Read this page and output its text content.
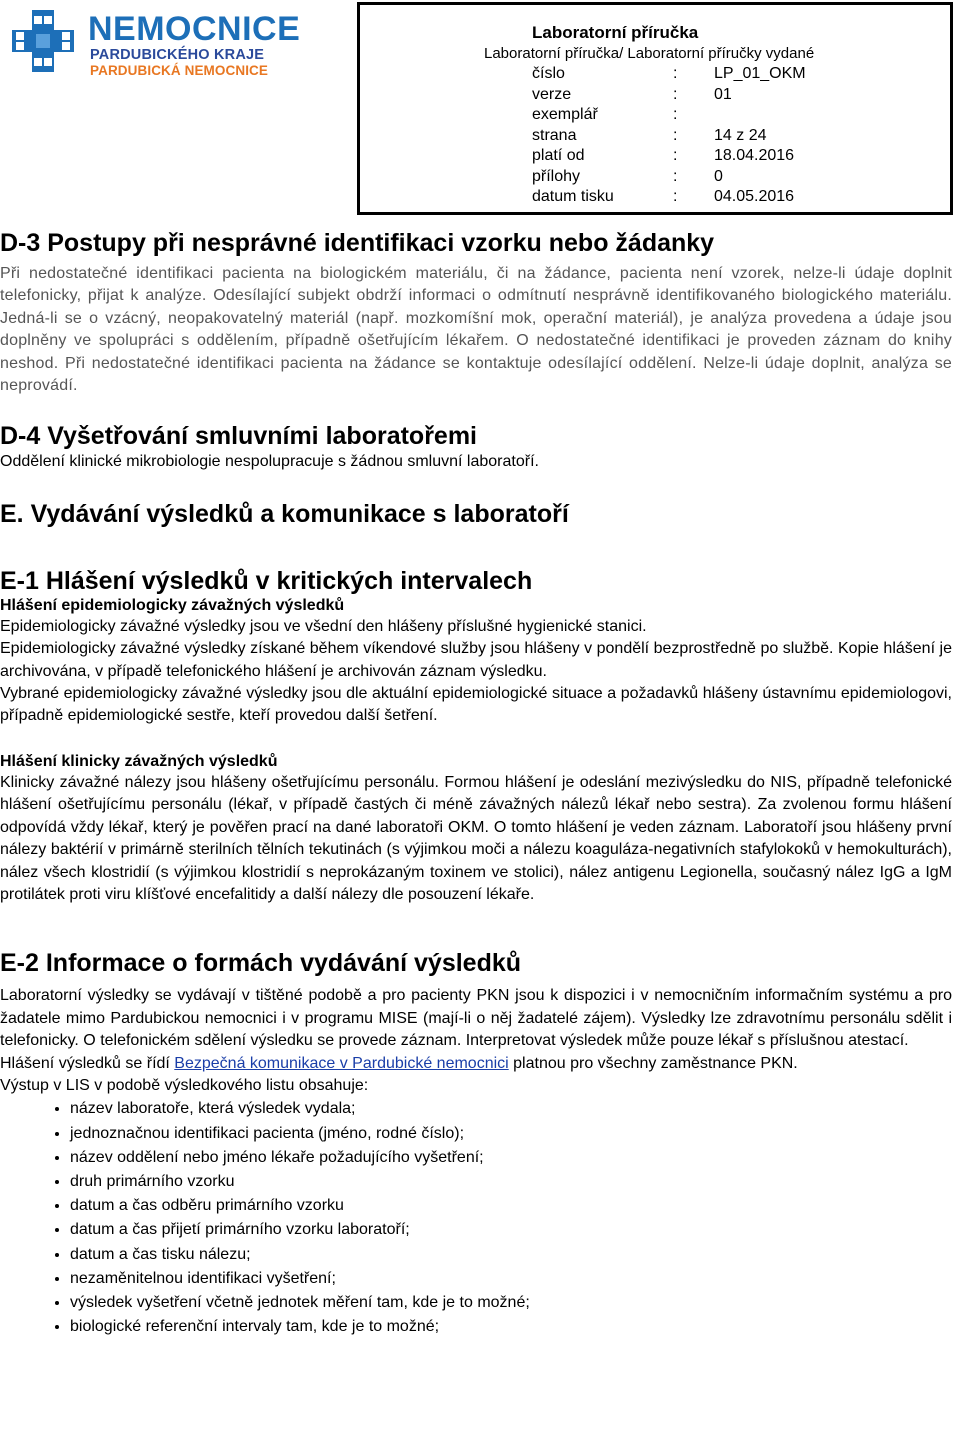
NEMOCNICE
PARDUBICKÉHO KRAJE
PARDUBICKÁ NEMOCNICE
Laboratorní příručka
Laboratorní příručka/ Laboratorní příručky vydané
číslo	: LP_01_OKM
verze	: 01
exemplář	:
strana	: 14 z 24
platí od	: 18.04.2016
přílohy	: 0
datum tisku	: 04.05.2016
D-3 Postupy při nesprávné identifikaci vzorku nebo žádanky

Při nedostatečné identifikaci pacienta na biologickém materiálu, či na žádance, pacienta není vzorek, nelze-li údaje doplnit telefonicky, přijat k analýze. Odesílající subjekt obdrží informaci o odmítnutí nesprávně identifikovaného biologického materiálu. Jedná-li se o vzácný, neopakovatelný materiál (např. mozkomíšní mok, operační materiál), je analýza provedena a údaje jsou doplněny ve spolupráci s oddělením, případně ošetřujícím lékařem. O nedostatečné identifikaci je proveden záznam do knihy neshod. Při nedostatečné identifikaci pacienta na žádance se kontaktuje odesílající oddělení. Nelze-li údaje doplnit, analýza se neprovádí.

D-4 Vyšetřování smluvními laboratořemi

Oddělení klinické mikrobiologie nespolupracuje s žádnou smluvní laboratoří.

E. Vydávání výsledků a komunikace s laboratoří
E-1 Hlášení výsledků v kritických intervalech
Hlášení epidemiologicky závažných výsledků

Epidemiologicky závažné výsledky jsou ve všední den hlášeny příslušné hygienické stanici.

Epidemiologicky závažné výsledky získané během víkendové služby jsou hlášeny v pondělí bezprostředně po službě. Kopie hlášení je archivována, v případě telefonického hlášení je archivován záznam výsledku.

Vybrané epidemiologicky závažné výsledky jsou dle aktuální epidemiologické situace a požadavků hlášeny ústavnímu epidemiologovi, případně epidemiologické sestře, kteří provedou další šetření.

Hlášení klinicky závažných výsledků

Klinicky závažné nálezy jsou hlášeny ošetřujícímu personálu. Formou hlášení je odeslání mezivýsledku do NIS, případně telefonické hlášení ošetřujícímu personálu (lékař, v případě častých či méně závažných nálezů lékař nebo sestra). Za zvolenou formu hlášení odpovídá vždy lékař, který je pověřen prací na dané laboratoři OKM. O tomto hlášení je veden záznam. Laboratoří jsou hlášeny první nálezy baktérií v primárně sterilních tělních tekutinách (s výjimkou moči a nálezu koaguláza-negativních stafylokoků v hemokulturách), nález všech klostridií (s výjimkou klostridií s neprokázaným toxinem ve stolici), nález antigenu Legionella, současný nález IgG a IgM protilátek proti viru klíšťové encefalitidy a další nálezy dle posouzení lékaře.

E-2 Informace o formách vydávání výsledků

Laboratorní výsledky se vydávají v tištěné podobě a pro pacienty PKN jsou k dispozici i v nemocničním informačním systému a pro žadatele mimo Pardubickou nemocnici i v programu MISE (mají-li o něj žadatelé zájem). Výsledky lze zdravotnímu personálu sdělit i telefonicky. O telefonickém sdělení výsledku se provede záznam. Interpretovat výsledek může pouze lékař s příslušnou atestací.

Hlášení výsledků se řídí Bezpečná komunikace v Pardubické nemocnici platnou pro všechny zaměstnance PKN.

Výstup v LIS v podobě výsledkového listu obsahuje:

• název laboratoře, která výsledek vydala;
• jednoznačnou identifikaci pacienta (jméno, rodné číslo);
• název oddělení nebo jméno lékaře požadujícího vyšetření;
• druh primárního vzorku
• datum a čas odběru primárního vzorku
• datum a čas přijetí primárního vzorku laboratoří;
• datum a čas tisku nálezu;
• nezaměnitelnou identifikaci vyšetření;
• výsledek vyšetření včetně jednotek měření tam, kde je to možné;
• biologické referenční intervaly tam, kde je to možné;
